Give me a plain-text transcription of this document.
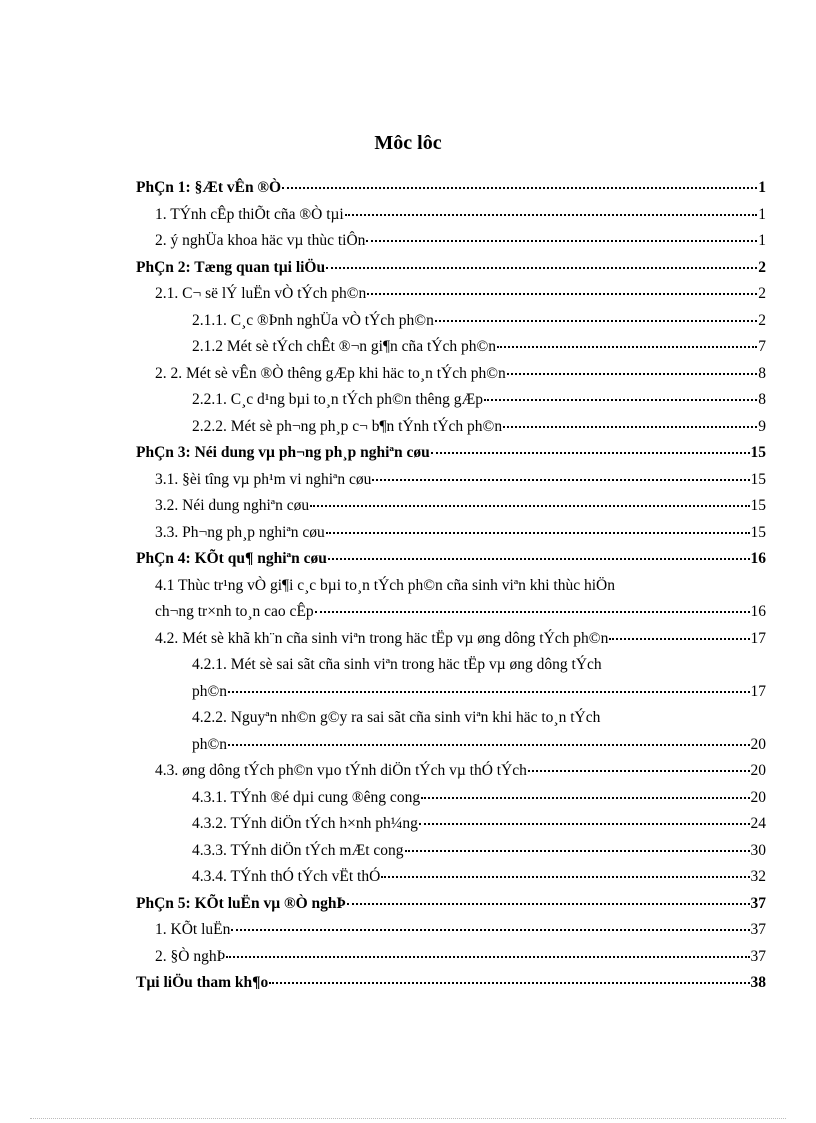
Môc lôc
PhÇn 1: §Æt vÊn ®Ò	1
1. TÝnh cÊp thiÕt cña ®Ò tµi	1
2. ý nghÜa khoa häc vµ thùc tiÔn	1
PhÇn 2: Tæng quan tµi liÖu	2
2.1. C¬ së lÝ luËn vÒ tÝch ph©n	2
2.1.1. C¸c ®Þnh nghÜa vÒ tÝch ph©n	2
2.1.2 Mét sè tÝch chÊt ®¬n gi¶n cña tÝch ph©n	7
2. 2. Mét sè vÊn ®Ò thêng gÆp khi häc to¸n tÝch ph©n	8
2.2.1. C¸c d¹ng bµi to¸n tÝch ph©n thêng gÆp	8
2.2.2. Mét sè ph¬ng ph¸p c¬ b¶n tÝnh tÝch ph©n	9
PhÇn 3: Néi dung vµ ph¬ng ph¸p nghiªn cøu	15
3.1. §èi tîng vµ ph¹m vi nghiªn cøu	15
3.2. Néi dung nghiªn cøu	15
3.3. Ph¬ng ph¸p nghiªn cøu	15
PhÇn 4: KÕt qu¶ nghiªn cøu	16
4.1 Thùc tr¹ng vÒ gi¶i c¸c bµi to¸n tÝch ph©n cña sinh viªn khi thùc hiÖn
ch¬ng tr×nh to¸n cao cÊp	16
4.2. Mét sè khã kh¨n cña sinh viªn trong häc tËp vµ øng dông tÝch ph©n	17
4.2.1. Mét sè sai sãt cña sinh viªn trong häc tËp vµ øng dông tÝch
ph©n	17
4.2.2. Nguyªn nh©n g©y ra sai sãt cña sinh viªn khi häc to¸n tÝch
ph©n	20
4.3. øng dông tÝch ph©n vµo tÝnh diÖn tÝch vµ thÓ tÝch	20
4.3.1. TÝnh ®é dµi cung ®êng cong	20
4.3.2. TÝnh diÖn tÝch h×nh ph¼ng	24
4.3.3. TÝnh diÖn tÝch mÆt cong	30
4.3.4. TÝnh thÓ tÝch vËt thÓ	32
PhÇn 5: KÕt luËn vµ ®Ò nghÞ	37
1. KÕt luËn	37
2. §Ò nghÞ	37
Tµi liÖu tham kh¶o	38
